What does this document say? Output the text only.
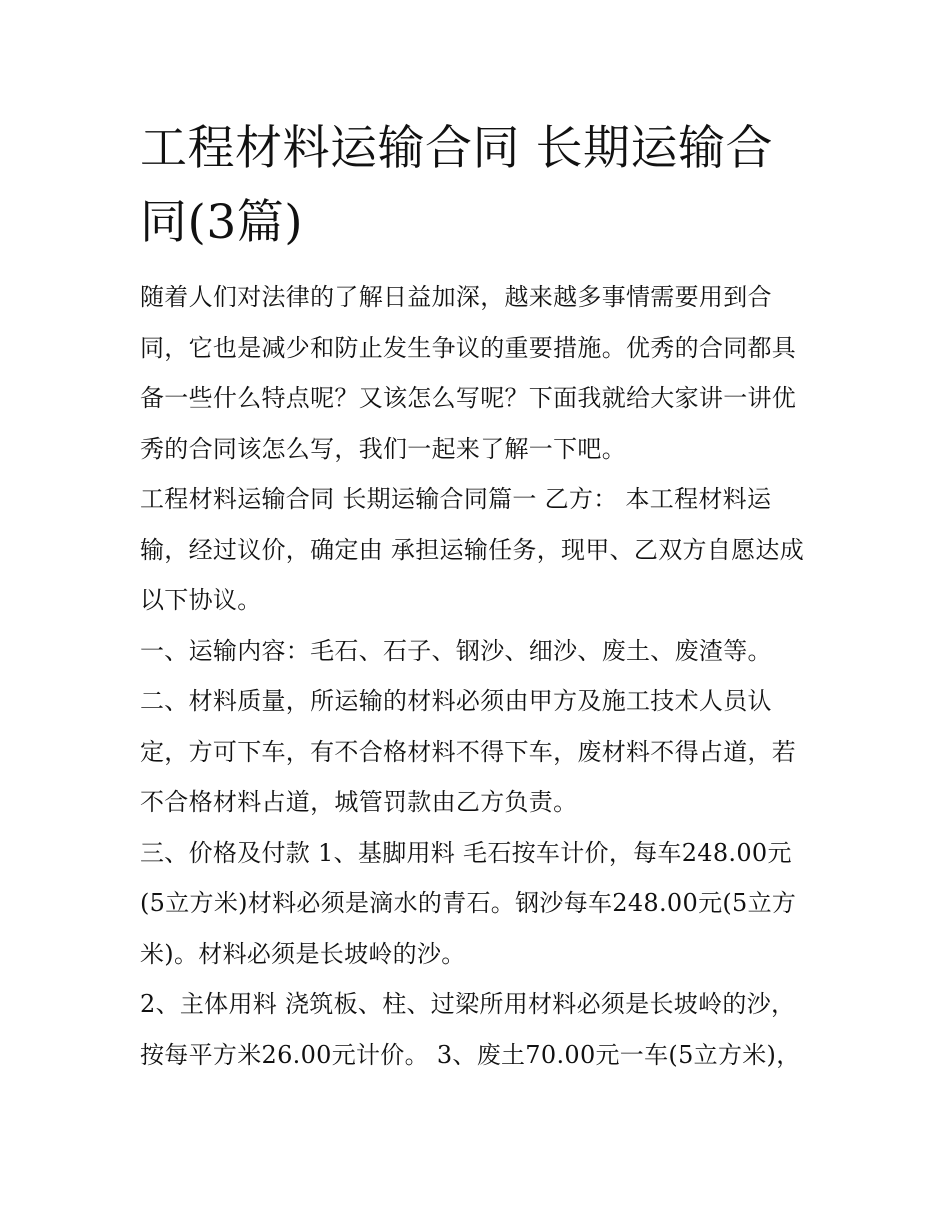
工程材料运输合同 长期运输合同(3篇)

随着人们对法律的了解日益加深，越来越多事情需要用到合同，它也是减少和防止发生争议的重要措施。优秀的合同都具备一些什么特点呢？又该怎么写呢？下面我就给大家讲一讲优秀的合同该怎么写，我们一起来了解一下吧。

工程材料运输合同 长期运输合同篇一 乙方： 本工程材料运输，经过议价，确定由 承担运输任务，现甲、乙双方自愿达成以下协议。

一、运输内容：毛石、石子、钢沙、细沙、废土、废渣等。

二、材料质量，所运输的材料必须由甲方及施工技术人员认定，方可下车，有不合格材料不得下车，废材料不得占道，若不合格材料占道，城管罚款由乙方负责。

三、价格及付款 1、基脚用料 毛石按车计价，每车248.00元(5立方米)材料必须是滴水的青石。钢沙每车248.00元(5立方米)。材料必须是长坡岭的沙。

2、主体用料 浇筑板、柱、过梁所用材料必须是长坡岭的沙，按每平方米26.00元计价。 3、废土70.00元一车(5立方米)，
